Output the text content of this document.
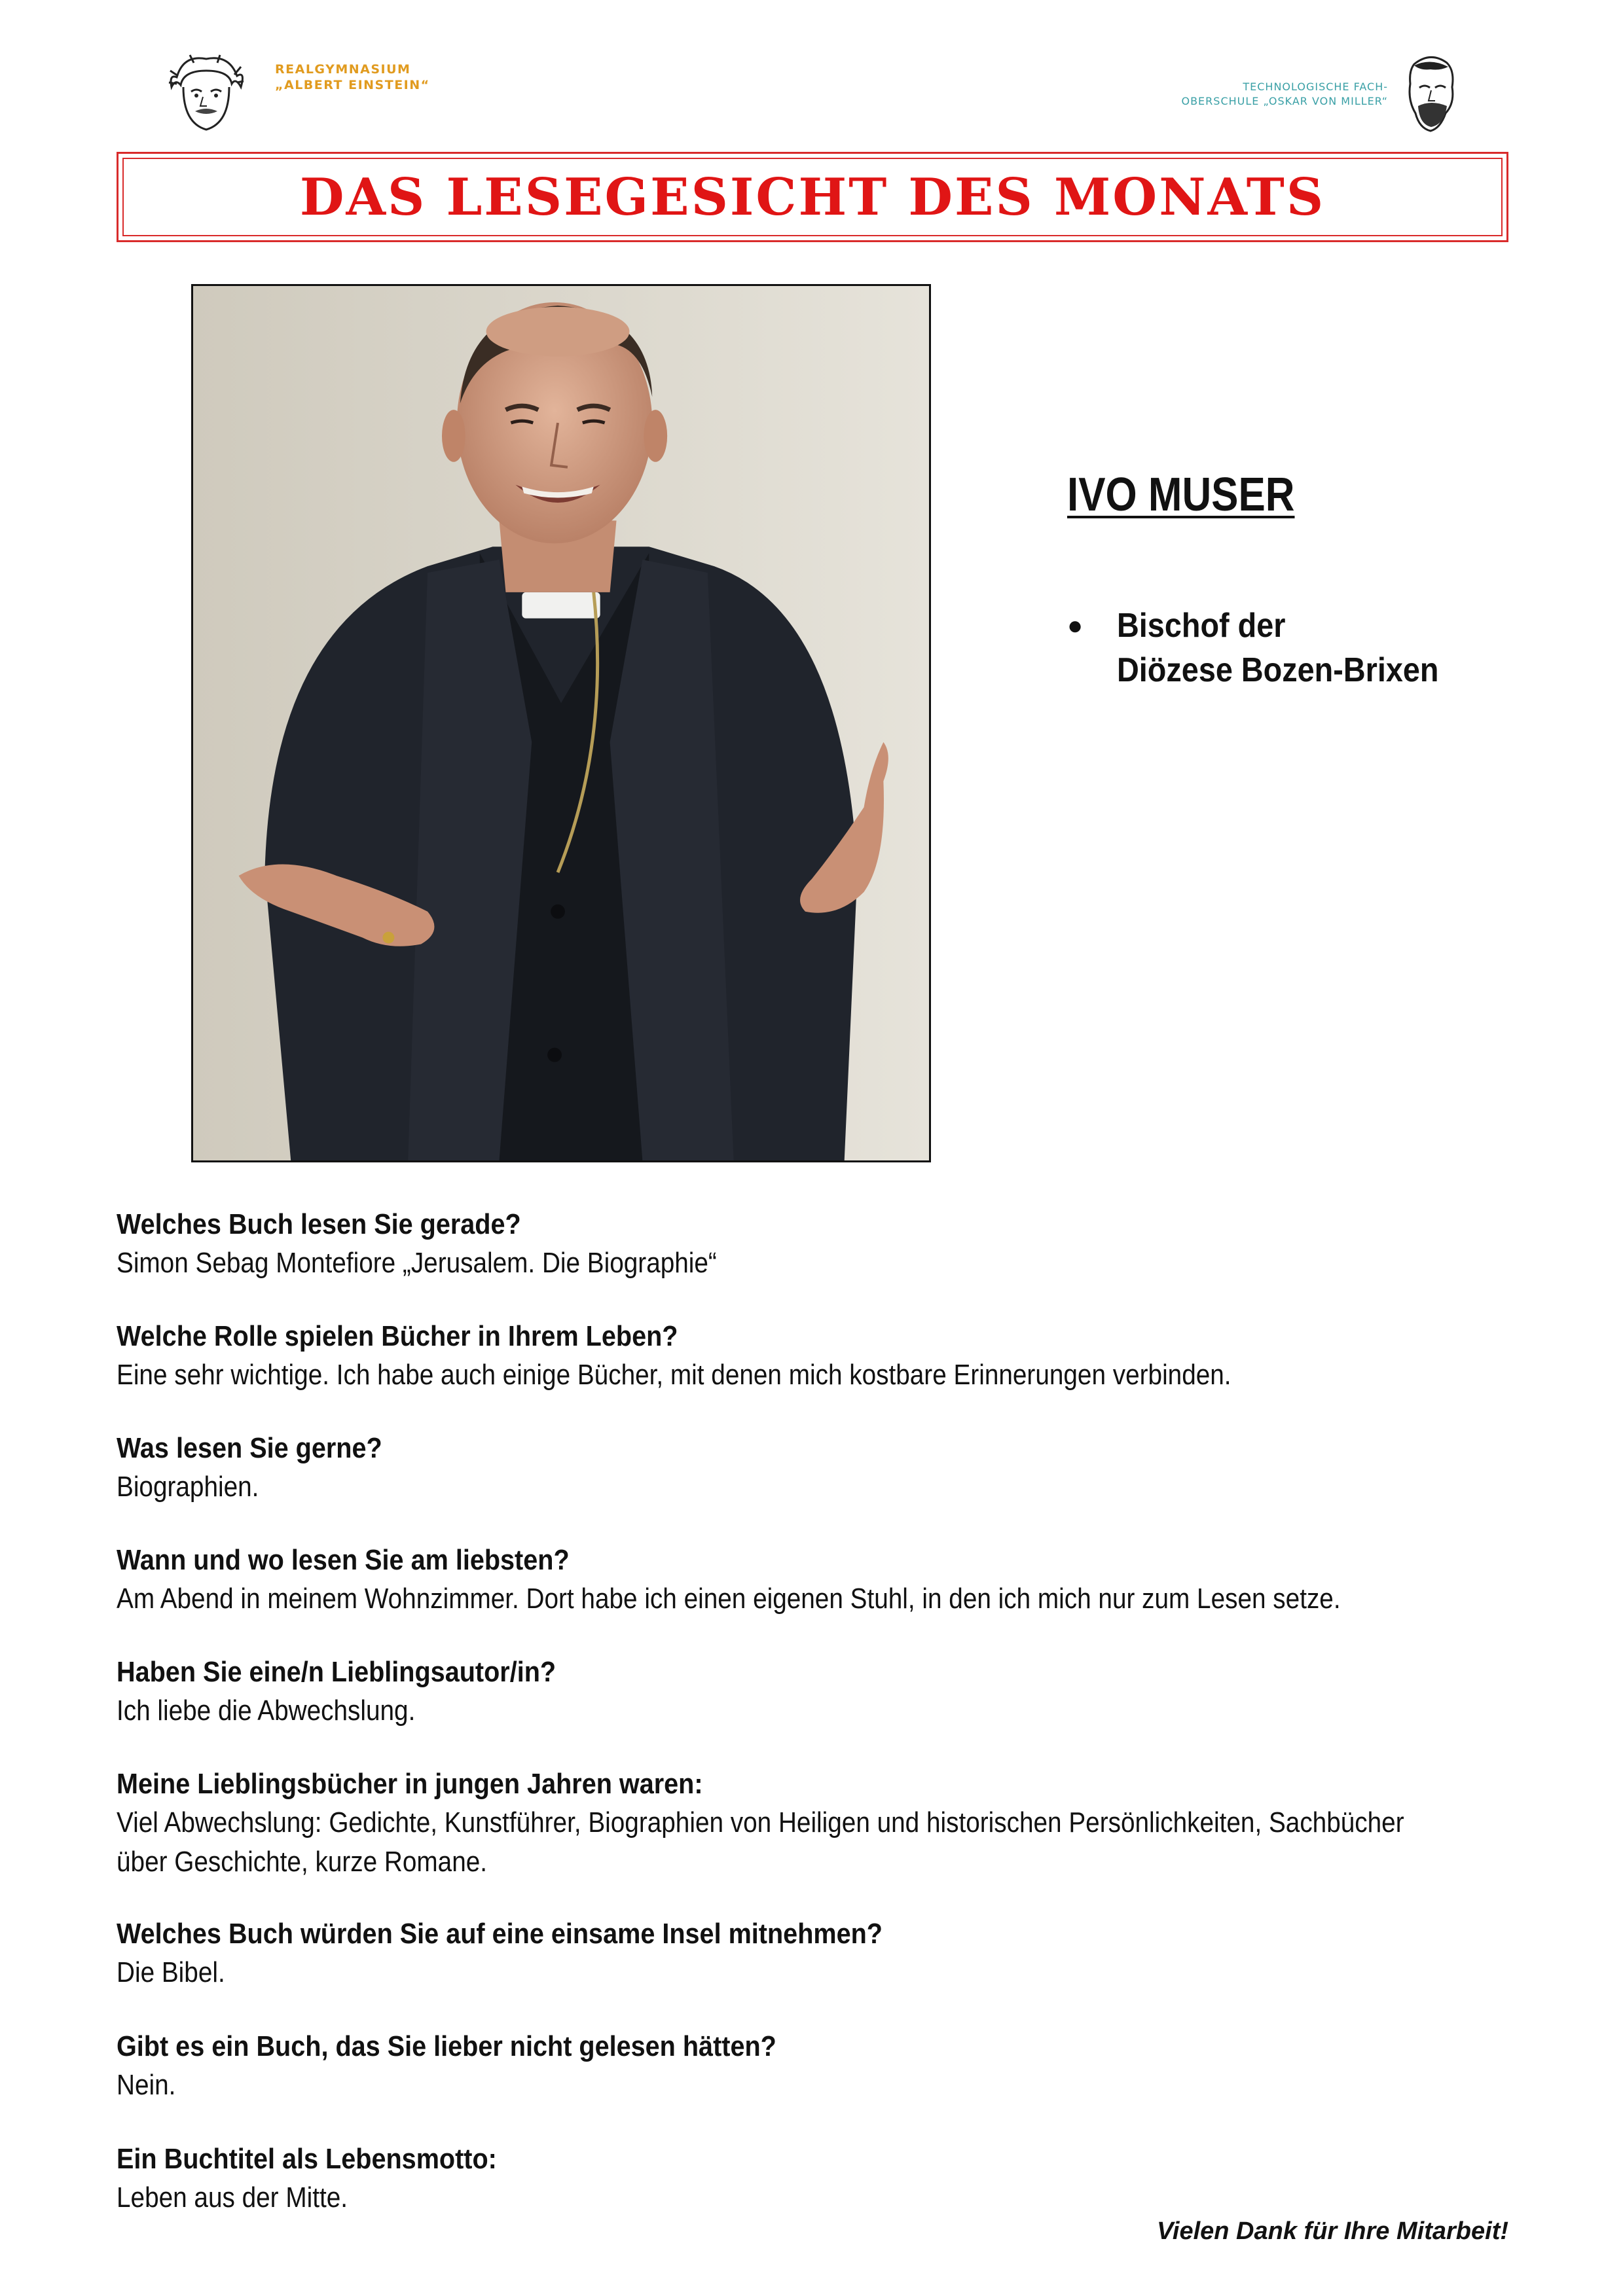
REALGYMNASIUM
„ALBERT EINSTEIN“	TECHNOLOGISCHE FACH-
OBERSCHULE „OSKAR VON MILLER“
DAS LESEGESICHT DES MONATS
IVO MUSER
● Bischof der
Diözese Bozen-Brixen
Welches Buch lesen Sie gerade?
Simon Sebag Montefiore „Jerusalem. Die Biographie“
Welche Rolle spielen Bücher in Ihrem Leben?
Eine sehr wichtige. Ich habe auch einige Bücher, mit denen mich kostbare Erinnerungen verbinden.
Was lesen Sie gerne?
Biographien.
Wann und wo lesen Sie am liebsten?
Am Abend in meinem Wohnzimmer. Dort habe ich einen eigenen Stuhl, in den ich mich nur zum Lesen setze.
Haben Sie eine/n Lieblingsautor/in?
Ich liebe die Abwechslung.
Meine Lieblingsbücher in jungen Jahren waren:
Viel Abwechslung: Gedichte, Kunstführer, Biographien von Heiligen und historischen Persönlichkeiten, Sachbücher
über Geschichte, kurze Romane.
Welches Buch würden Sie auf eine einsame Insel mitnehmen?
Die Bibel.
Gibt es ein Buch, das Sie lieber nicht gelesen hätten?
Nein.
Ein Buchtitel als Lebensmotto:
Leben aus der Mitte.
Vielen Dank für Ihre Mitarbeit!
